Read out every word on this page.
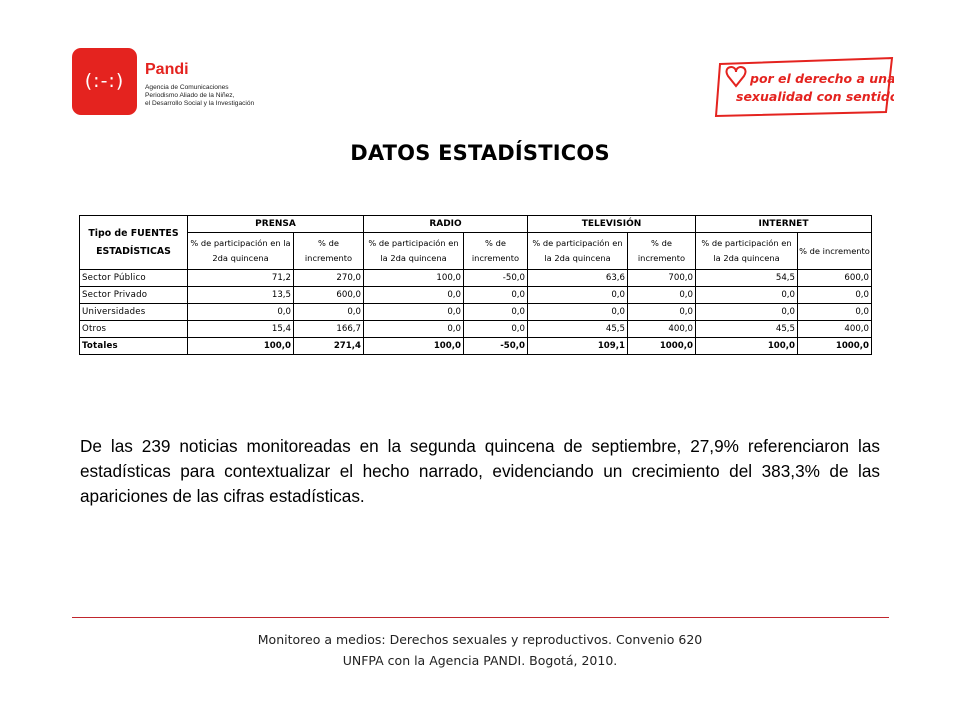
(:-:)
Pandi
Agencia de Comunicaciones
Periodismo Aliado de la Niñez,
el Desarrollo Social y la Investigación
por el derecho a una
sexualidad con sentido
DATOS ESTADÍSTICOS
Tipo de FUENTES ESTADÍSTICAS	PRENSA		RADIO		TELEVISIÓN		INTERNET	
	% de participación en la 2da quincena	% de incremento	% de participación en la 2da quincena	% de incremento	% de participación en la 2da quincena	% de incremento	% de participación en la 2da quincena	% de incremento
Sector Público	71,2	270,0	100,0	-50,0	63,6	700,0	54,5	600,0
Sector Privado	13,5	600,0	0,0	0,0	0,0	0,0	0,0	0,0
Universidades	0,0	0,0	0,0	0,0	0,0	0,0	0,0	0,0
Otros	15,4	166,7	0,0	0,0	45,5	400,0	45,5	400,0
Totales	100,0	271,4	100,0	-50,0	109,1	1000,0	100,0	1000,0
De las 239 noticias monitoreadas en la segunda quincena de septiembre, 27,9% referenciaron las estadísticas para contextualizar el hecho narrado, evidenciando un crecimiento del 383,3% de las apariciones de las cifras estadísticas.
Monitoreo a medios: Derechos sexuales y reproductivos. Convenio 620
UNFPA con la Agencia PANDI. Bogotá, 2010.
